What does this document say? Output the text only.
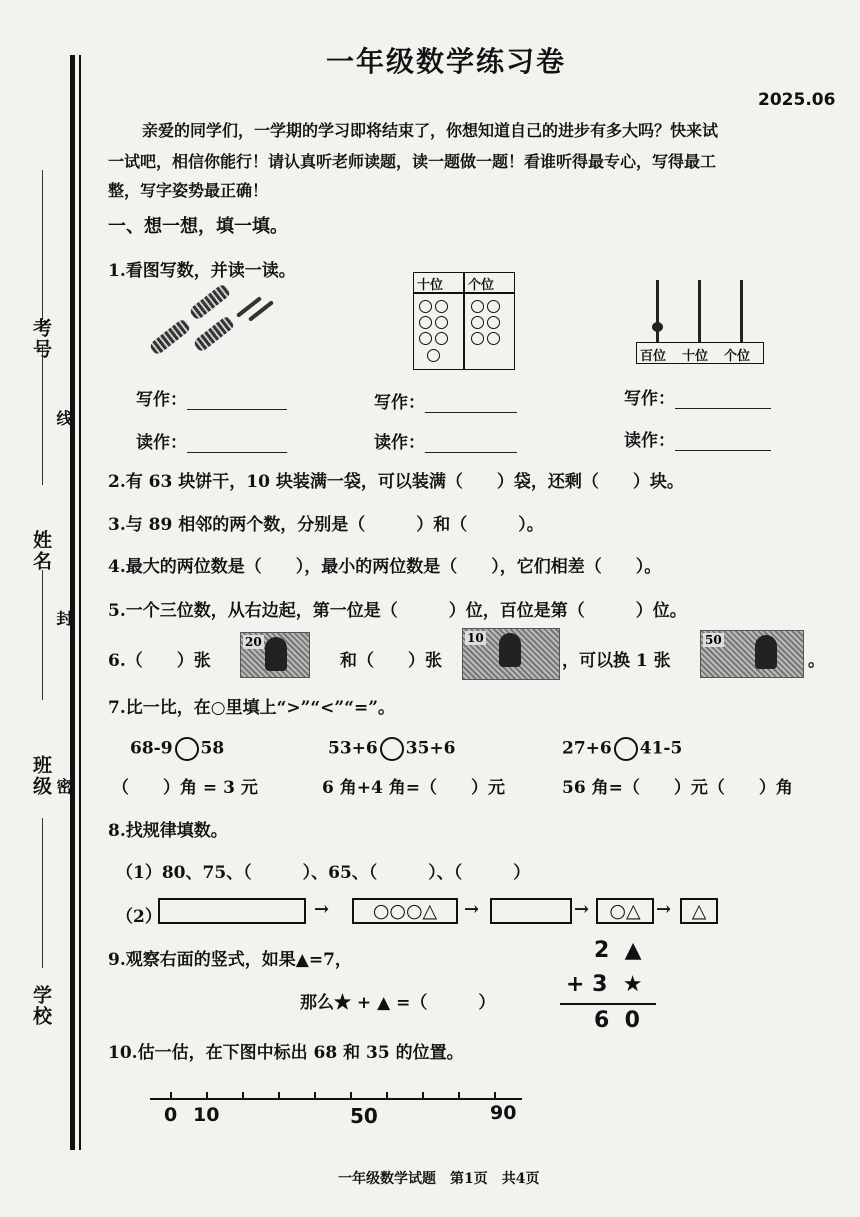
考号
姓名
班级
学校
线
封
密
一年级数学练习卷
2025.06
亲爱的同学们，一学期的学习即将结束了，你想知道自己的进步有多大吗？快来试
一试吧，相信你能行！请认真听老师读题，读一题做一题！看谁听得最专心，写得最工
整，写字姿势最正确！
一、想一想，填一填。
1.看图写数，并读一读。
十位 个位
百位 十位 个位
写作：	写作：	写作：
读作：	读作：	读作：
2.有 63 块饼干，10 块装满一袋，可以装满（　　）袋，还剩（　　）块。
3.与 89 相邻的两个数，分别是（　　　）和（　　　）。
4.最大的两位数是（　　），最小的两位数是（　　），它们相差（　　）。
5.一个三位数，从右边起，第一位是（　　　）位，百位是第（　　　）位。
6.（　　）张
20
和（　　）张
10
，可以换 1 张
50
。
7.比一比，在○里填上“>”“<”“=”。
68-9 58	53+6 35+6	27+6 41-5
（　　）角 = 3 元	6 角+4 角=（　　）元	56 角=（　　）元（　　）角
8.找规律填数。
（1）80、75、（　　　）、65、（　　　）、（　　　）
（2）	→	○○○△	→	→	○△ →	△
9.观察右面的竖式，如果▲=7，
那么★ + ▲ =（　　　）
2 ▲
+ 3 ★
6 0
10.估一估，在下图中标出 68 和 35 的位置。
0 10	50	90
一年级数学试题　第1页　共4页
